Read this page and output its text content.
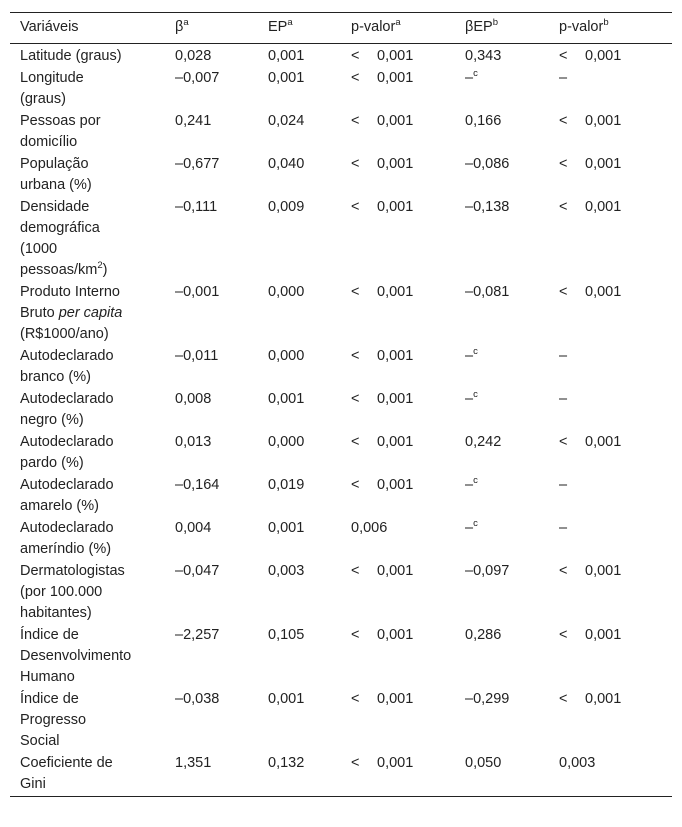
Variáveis	$\beta^a$	$EP^a$	p-valor$^a$	βEP$^b$	p-valor$^b$
Latitude (graus)	0,028	0,001	< 0,001	0,343	< 0,001
Longitude
(graus)	–0,007	0,001	< 0,001	–$^c$	–
Pessoas por
domicílio	0,241	0,024	< 0,001	0,166	< 0,001
População
urbana (%)	–0,677	0,040	< 0,001	–0,086	< 0,001
Densidade
demográfica
(1000
pessoas/$km^2$)	–0,111	0,009	< 0,001	–0,138	< 0,001
Produto Interno
Bruto per capita
(R$1000/ano)	–0,001	0,000	< 0,001	–0,081	< 0,001
Autodeclarado
branco (%)	–0,011	0,000	< 0,001	–$^c$	–
Autodeclarado
negro (%)	0,008	0,001	< 0,001	–$^c$	–
Autodeclarado
pardo (%)	0,013	0,000	< 0,001	0,242	< 0,001
Autodeclarado
amarelo (%)	–0,164	0,019	< 0,001	–$^c$	–
Autodeclarado
ameríndio (%)	0,004	0,001	0,006	–$^c$	–
Dermatologistas
(por 100.000
habitantes)	–0,047	0,003	< 0,001	–0,097	< 0,001
Índice de
Desenvolvimento
Humano	–2,257	0,105	< 0,001	0,286	< 0,001
Índice de
Progresso
Social	–0,038	0,001	< 0,001	–0,299	< 0,001
Coeficiente de
Gini	1,351	0,132	< 0,001	0,050	0,003
